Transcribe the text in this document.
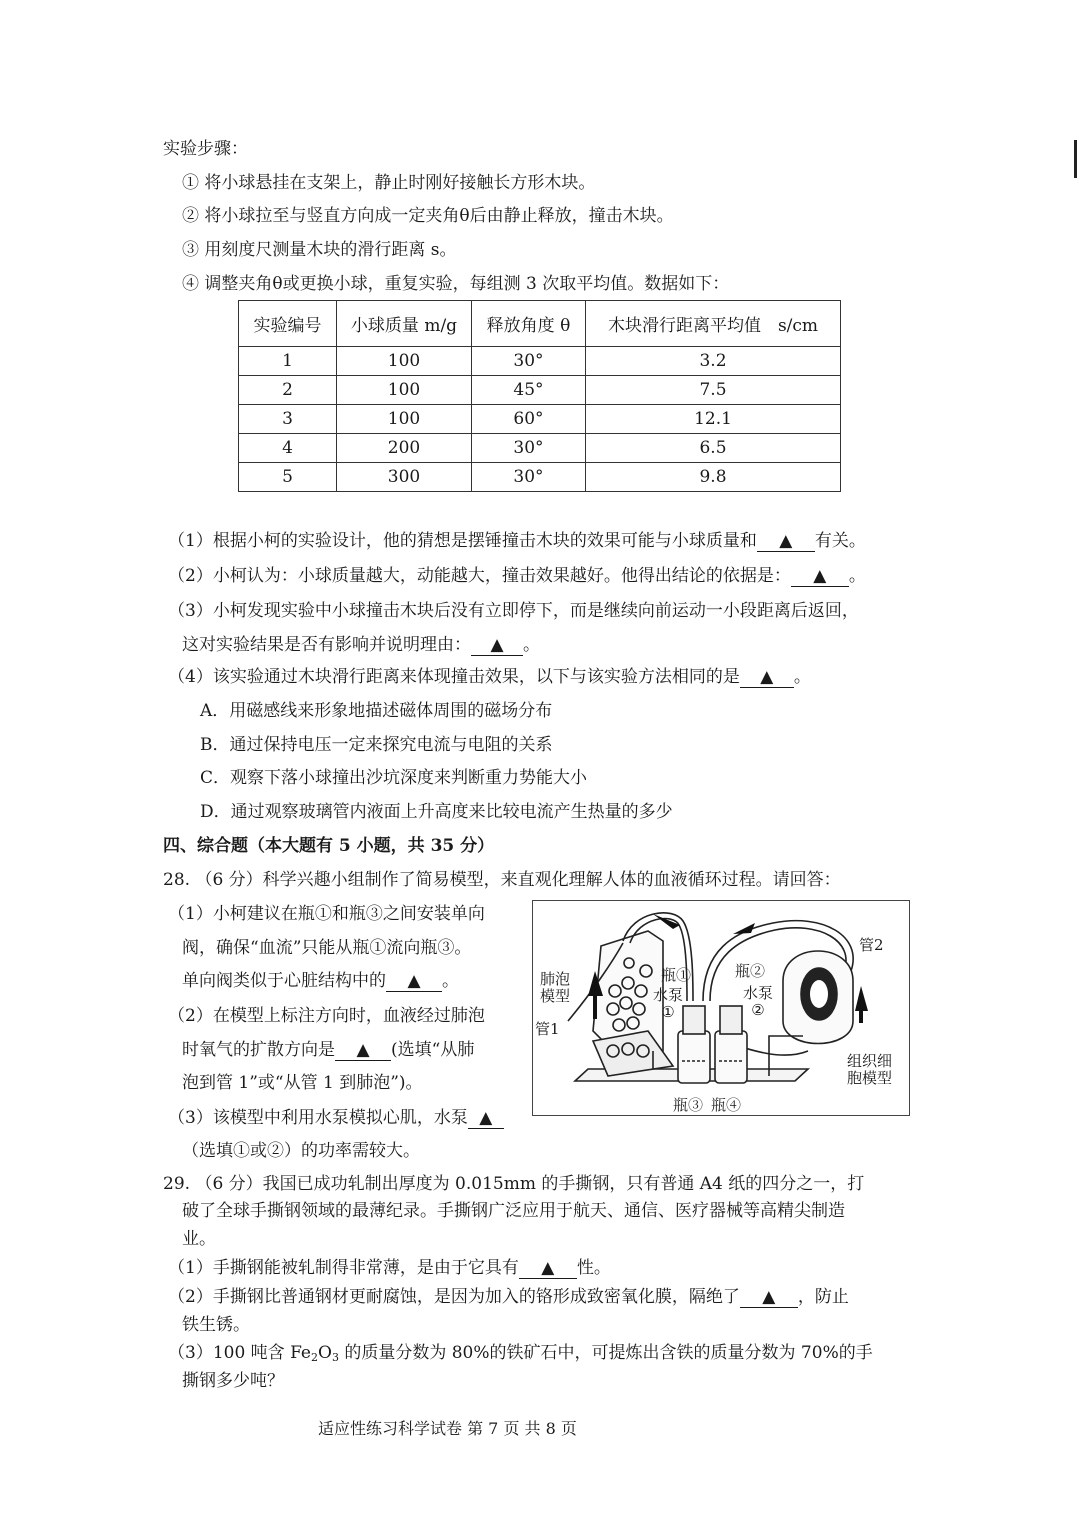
实验步骤：
① 将小球悬挂在支架上，静止时刚好接触长方形木块。
② 将小球拉至与竖直方向成一定夹角θ后由静止释放，撞击木块。
③ 用刻度尺测量木块的滑行距离 s。
④ 调整夹角θ或更换小球，重复实验，每组测 3 次取平均值。数据如下：
实验编号	小球质量 m/g	释放角度 θ	木块滑行距离平均值　s/cm
1	100	30°	3.2
2	100	45°	7.5
3	100	60°	12.1
4	200	30°	6.5
5	300	30°	9.8
（1）根据小柯的实验设计，他的猜想是摆锤撞击木块的效果可能与小球质量和 ▲ 有关。
（2）小柯认为：小球质量越大，动能越大，撞击效果越好。他得出结论的依据是： ▲ 。
（3）小柯发现实验中小球撞击木块后没有立即停下，而是继续向前运动一小段距离后返回，
这对实验结果是否有影响并说明理由： ▲ 。
（4）该实验通过木块滑行距离来体现撞击效果，以下与该实验方法相同的是 ▲ 。
A．用磁感线来形象地描述磁体周围的磁场分布
B．通过保持电压一定来探究电流与电阻的关系
C．观察下落小球撞出沙坑深度来判断重力势能大小
D．通过观察玻璃管内液面上升高度来比较电流产生热量的多少
四、综合题（本大题有 5 小题，共 35 分）
28. （6 分）科学兴趣小组制作了简易模型，来直观化理解人体的血液循环过程。请回答：
（1）小柯建议在瓶①和瓶③之间安装单向
阀，确保“血流”只能从瓶①流向瓶③。
单向阀类似于心脏结构中的 ▲ 。
（2）在模型上标注方向时，血液经过肺泡
时氧气的扩散方向是 ▲ (选填“从肺
泡到管 1”或“从管 1 到肺泡”)。
（3）该模型中利用水泵模拟心肌，水泵 ▲
（选填①或②）的功率需较大。
肺泡
模型
管1
管2
瓶①	瓶②
水泵
①
水泵
②
瓶③ 瓶④
组织细
胞模型
29. （6 分）我国已成功轧制出厚度为 0.015mm 的手撕钢，只有普通 A4 纸的四分之一，打
破了全球手撕钢领域的最薄纪录。手撕钢广泛应用于航天、通信、医疗器械等高精尖制造
业。
（1）手撕钢能被轧制得非常薄，是由于它具有 ▲ 性。
（2）手撕钢比普通钢材更耐腐蚀，是因为加入的铬形成致密氧化膜，隔绝了 ▲ ，防止
铁生锈。
（3）100 吨含 $Fe_2O_3$ 的质量分数为 80%的铁矿石中，可提炼出含铁的质量分数为 70%的手
撕钢多少吨？
适应性练习科学试卷 第 7 页 共 8 页
